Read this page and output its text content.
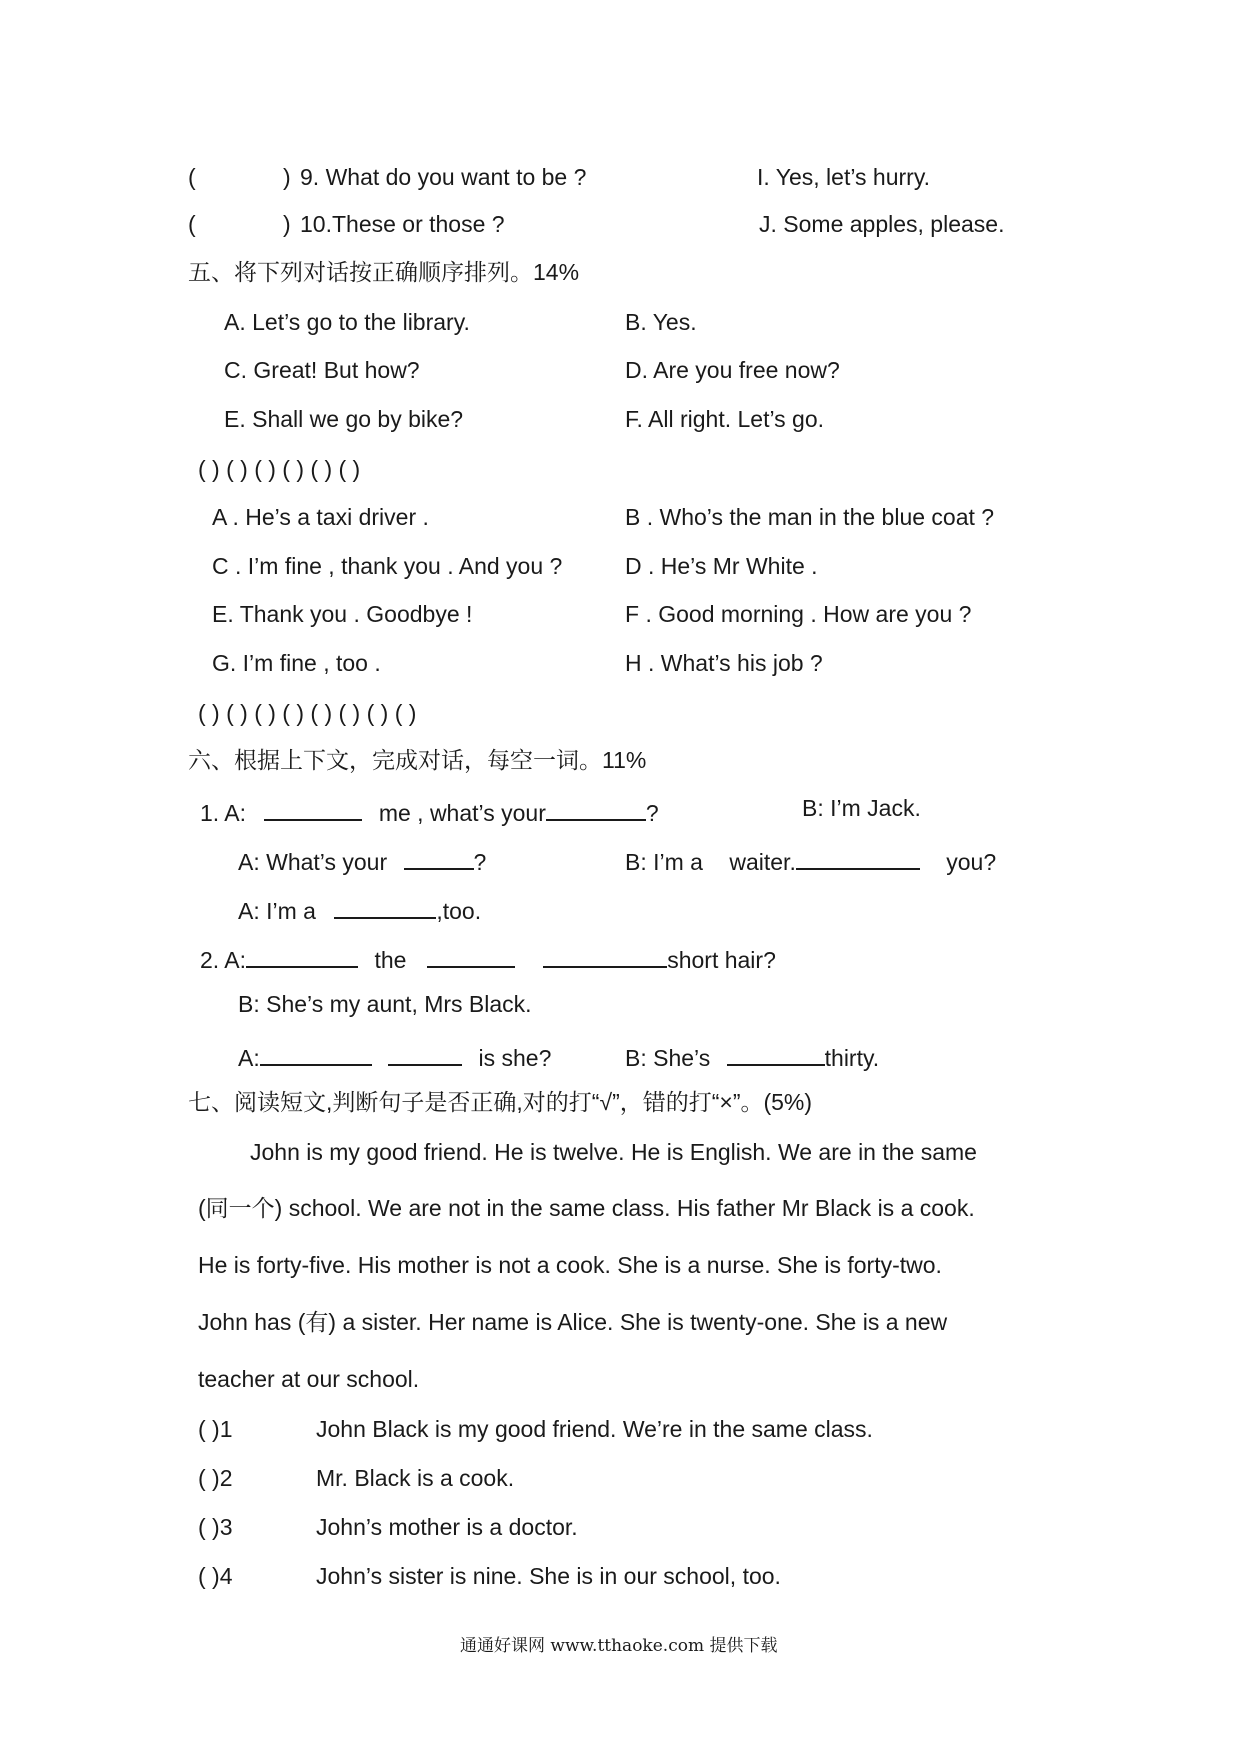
(	) 9. What do you want to be ?	I. Yes, let’s hurry.
(	) 10.These or those ?	J. Some apples, please.
五、将下列对话按正确顺序排列。14%
A. Let’s go to the library.	B. Yes.
C. Great! But how?	D. Are you free now?
E. Shall we go by bike?	F. All right. Let’s go.
( ) ( ) ( ) ( ) ( ) ( )
A . He’s a taxi driver .	B . Who’s the man in the blue coat ?
C . I’m fine , thank you . And you ?	D . He’s Mr White .
E. Thank you . Goodbye !	F . Good morning . How are you ?
G. I’m fine , too .	H . What’s his job ?
( ) ( ) ( ) ( ) ( ) ( ) ( ) ( )
六、根据上下文，完成对话，每空一词。11%
1. A:	me , what’s your	?	B: I’m Jack.
A: What’s your	?	B: I’m a waiter.	you?
A: I’m a	,too.
2. A:	the	short hair?
B: She’s my aunt, Mrs Black.
A:	is she?	B: She’s	thirty.
七、阅读短文,判断句子是否正确,对的打“√”，错的打“×”。(5%)
John is my good friend. He is twelve. He is English. We are in the same
(同一个) school. We are not in the same class. His father Mr Black is a cook.
He is forty-five. His mother is not a cook. She is a nurse. She is forty-two.
John has (有) a sister. Her name is Alice. She is twenty-one. She is a new
teacher at our school.
( )1	John Black is my good friend. We’re in the same class.
( )2	Mr. Black is a cook.
( )3	John’s mother is a doctor.
( )4	John’s sister is nine. She is in our school, too.
通通好课网 www.tthaoke.com 提供下载
